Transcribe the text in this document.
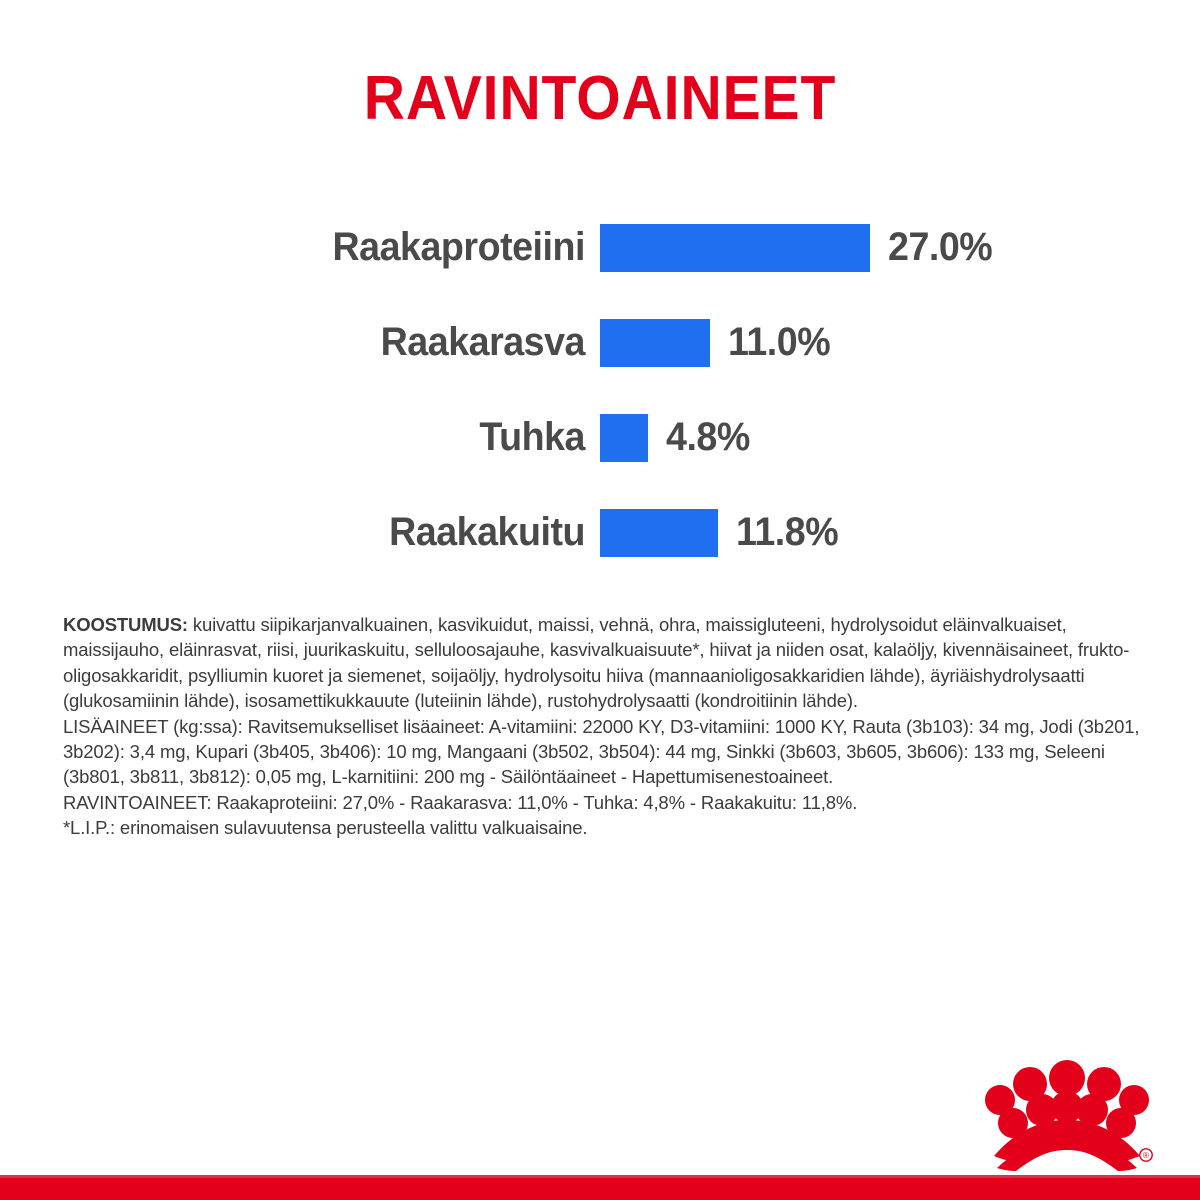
RAVINTOAINEET
Raakaproteiini	27.0%
Raakarasva	11.0%
Tuhka 4.8%
Raakakuitu	11.8%

KOOSTUMUS: kuivattu siipikarjanvalkuainen, kasvikuidut, maissi, vehnä, ohra, maissigluteeni, hydrolysoidut eläinvalkuaiset, maissijauho, eläinrasvat, riisi, juurikaskuitu, selluloosajauhe, kasvivalkuaisuute*, hiivat ja niiden osat, kalaöljy, kivennäisaineet, frukto-oligosakkaridit, psylliumin kuoret ja siemenet, soijaöljy, hydrolysoitu hiiva (mannaanioligosakkaridien lähde), äyriäishydrolysaatti (glukosamiinin lähde), isosamettikukkauute (luteiinin lähde), rustohydrolysaatti (kondroitiinin lähde).

LISÄAINEET (kg:ssa): Ravitsemukselliset lisäaineet: A-vitamiini: 22000 KY, D3-vitamiini: 1000 KY, Rauta (3b103): 34 mg, Jodi (3b201, 3b202): 3,4 mg, Kupari (3b405, 3b406): 10 mg, Mangaani (3b502, 3b504): 44 mg, Sinkki (3b603, 3b605, 3b606): 133 mg, Seleeni (3b801, 3b811, 3b812): 0,05 mg, L-karnitiini: 200 mg - Säilöntäaineet - Hapettumisenestoaineet.

RAVINTOAINEET: Raakaproteiini: 27,0% - Raakarasva: 11,0% - Tuhka: 4,8% - Raakakuitu: 11,8%.

*L.I.P.: erinomaisen sulavuutensa perusteella valittu valkuaisaine.

®
